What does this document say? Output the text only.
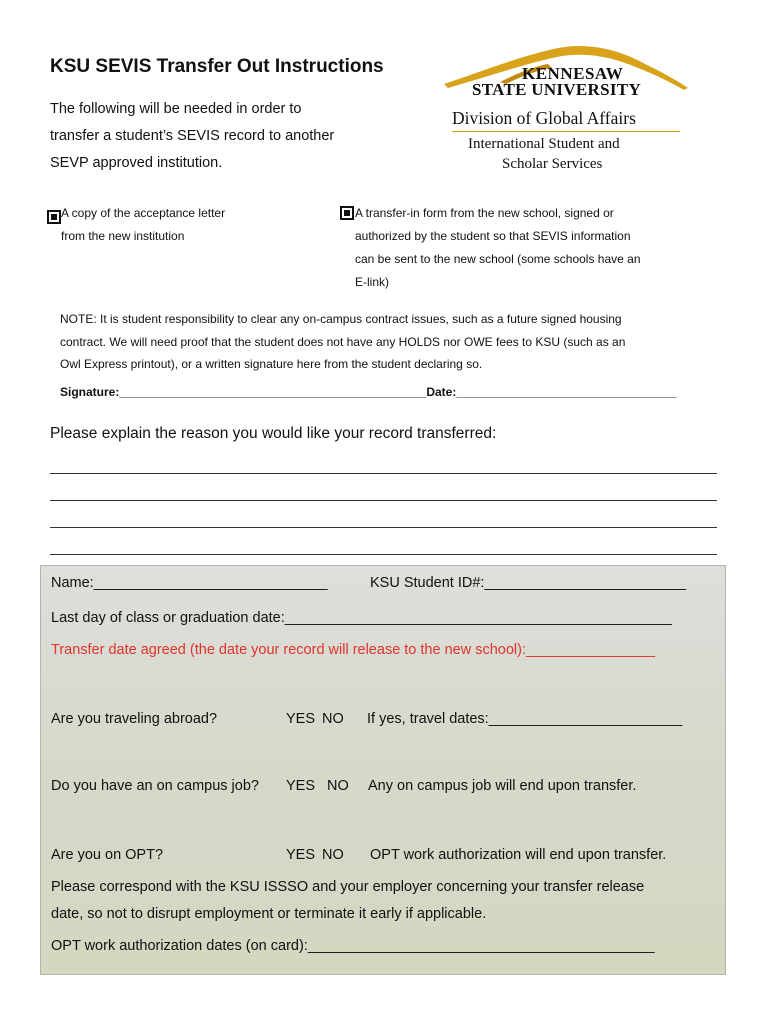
KSU SEVIS Transfer Out Instructions
The following will be needed in order to
transfer a student’s SEVIS record to another
SEVP approved institution.
KENNESAW
STATE UNIVERSITY
Division of Global Affairs
International Student and
Scholar Services
A copy of the acceptance letter
from the new institution
A transfer-in form from the new school, signed or
authorized by the student so that SEVIS information
can be sent to the new school (some schools have an
E-link)
NOTE: It is student responsibility to clear any on-campus contract issues, such as a future signed housing
contract. We will need proof that the student does not have any HOLDS nor OWE fees to KSU (such as an
Owl Express printout), or a written signature here from the student declaring so.
Signature:______________________________________________Date:_________________________________
Please explain the reason you would like your record transferred:
Name:_____________________________	KSU Student ID#:_________________________
Last day of class or graduation date:________________________________________________
Transfer date agreed (the date your record will release to the new school):________________
Are you traveling abroad?	YES NO If yes, travel dates:________________________
Do you have an on campus job? YES NO Any on campus job will end upon transfer.
Are you on OPT?	YES NO OPT work authorization will end upon transfer.
Please correspond with the KSU ISSSO and your employer concerning your transfer release
date, so not to disrupt employment or terminate it early if applicable.
OPT work authorization dates (on card):___________________________________________
